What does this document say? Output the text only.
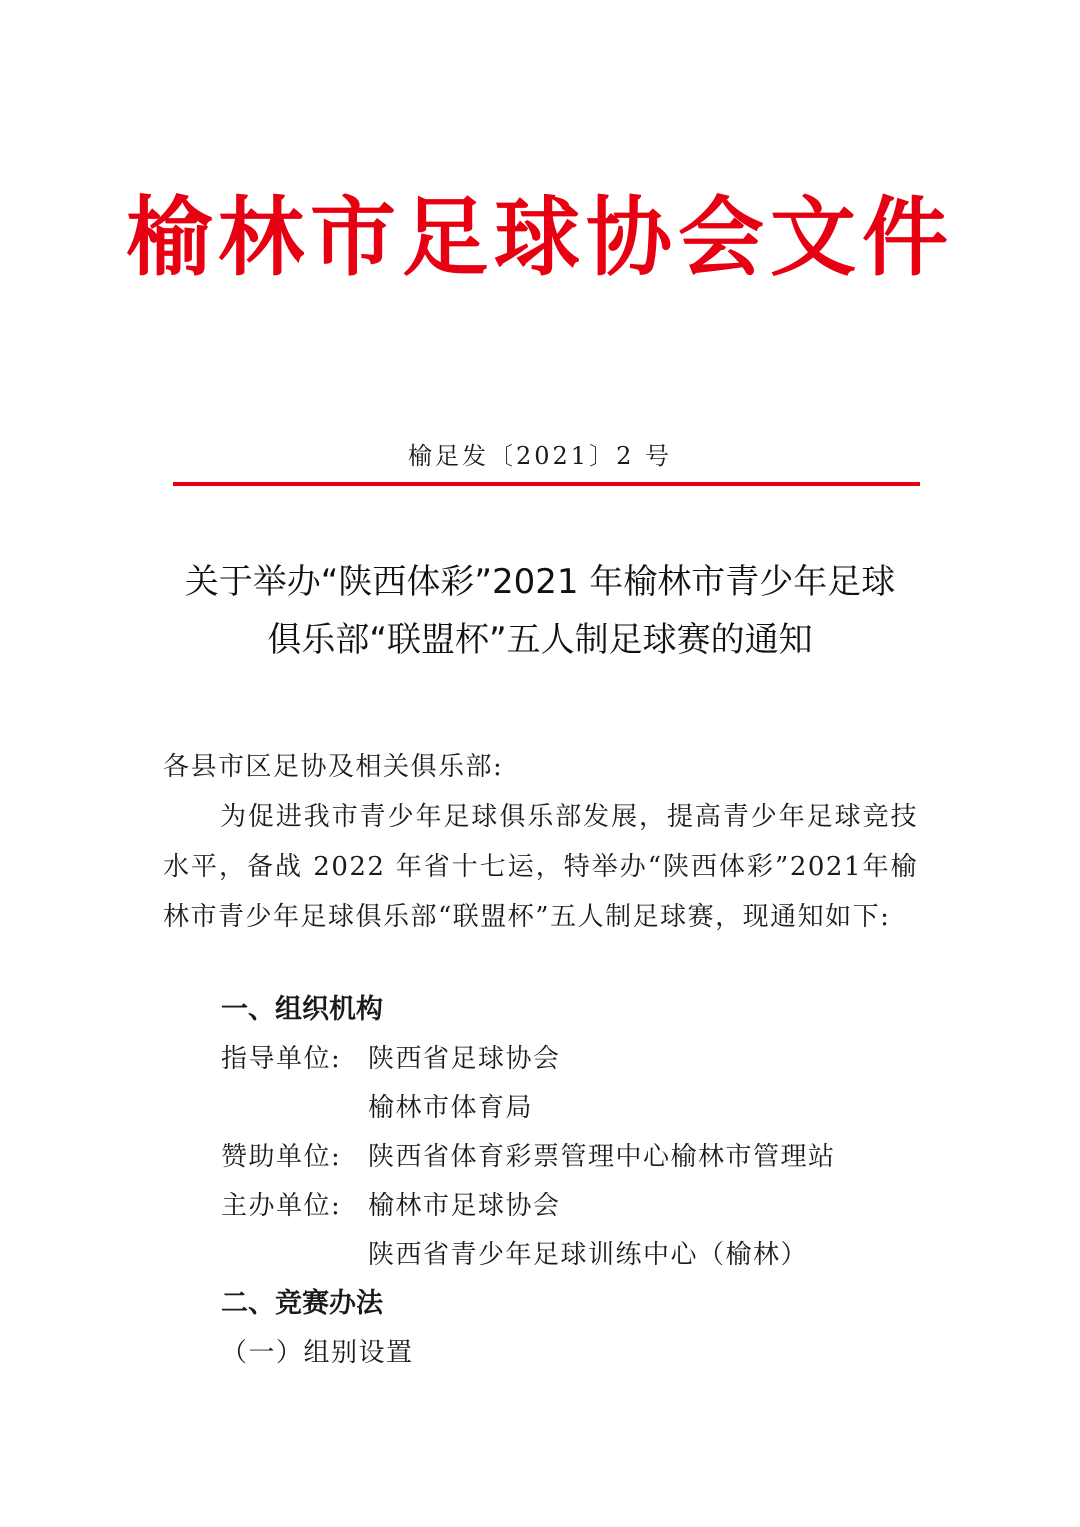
榆林市足球协会文件
榆足发〔2021〕2 号
关于举办“陕西体彩”2021 年榆林市青少年足球
俱乐部“联盟杯”五人制足球赛的通知
各县市区足协及相关俱乐部:
为促进我市青少年足球俱乐部发展，提高青少年足球竞技水平，备战 2022 年省十七运，特举办“陕西体彩”2021年榆林市青少年足球俱乐部“联盟杯”五人制足球赛，现通知如下:
一、组织机构
指导单位: 陕西省足球协会
榆林市体育局
赞助单位: 陕西省体育彩票管理中心榆林市管理站
主办单位: 榆林市足球协会
陕西省青少年足球训练中心（榆林）
二、竞赛办法
（一）组别设置
